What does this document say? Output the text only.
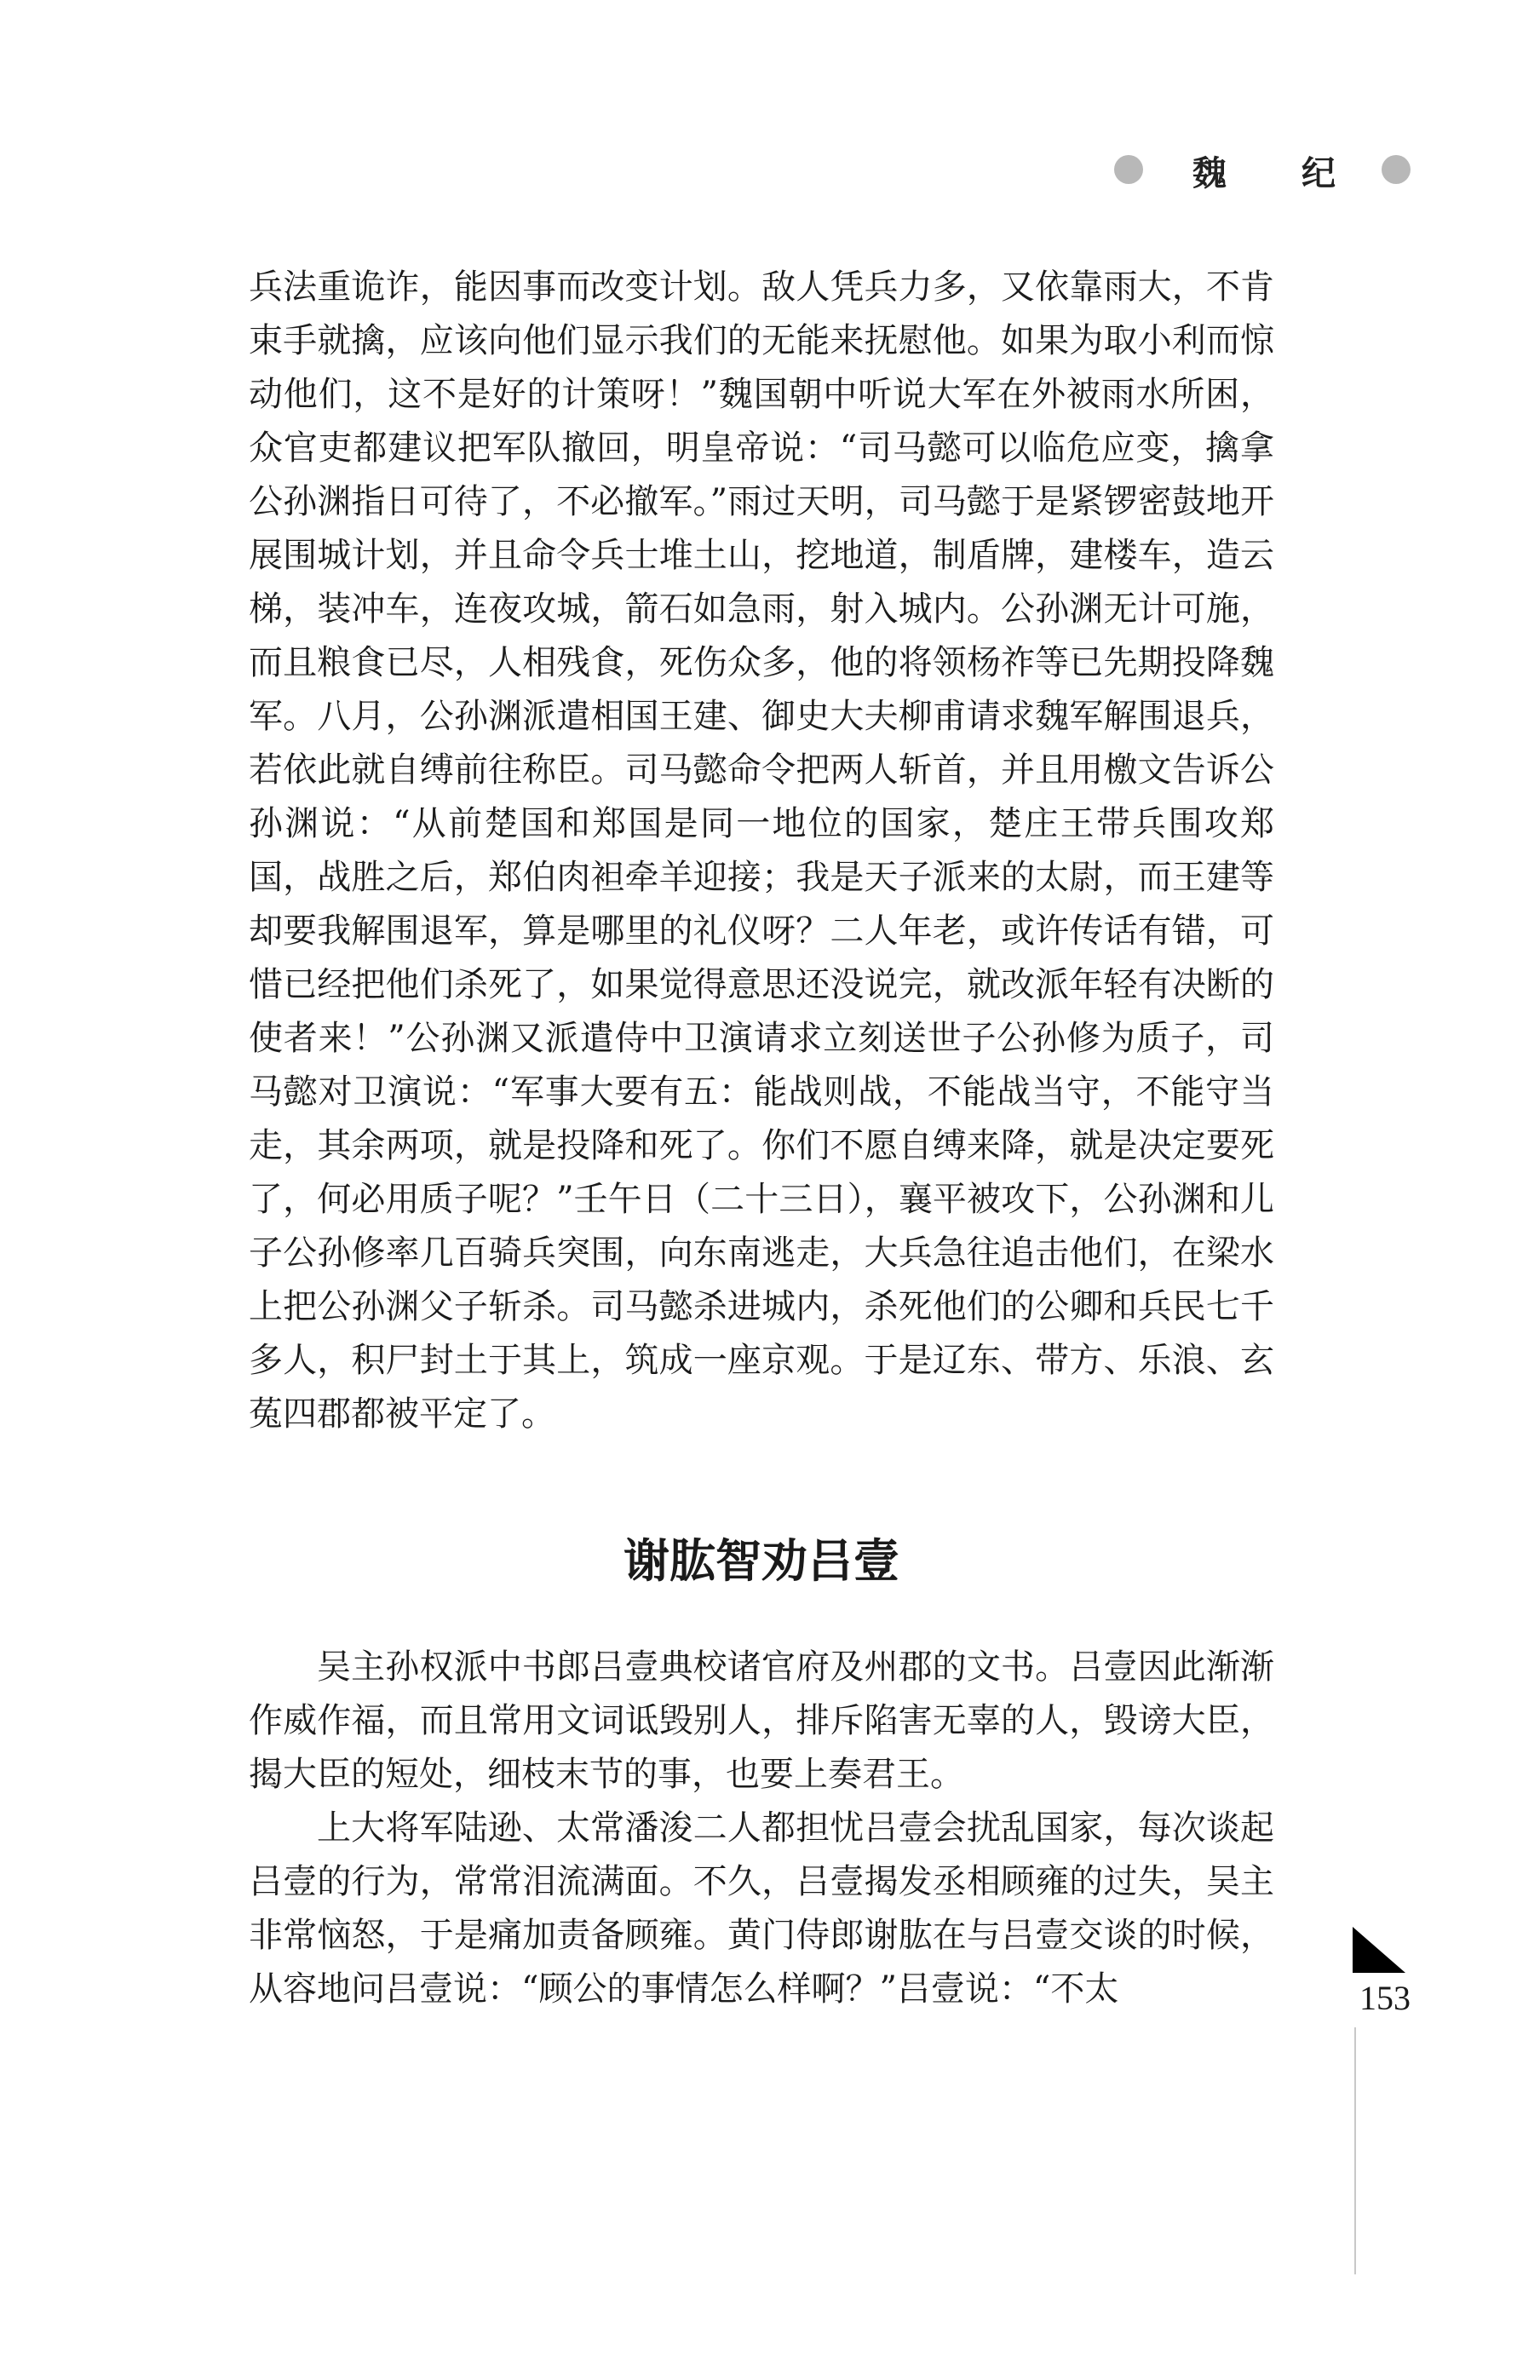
魏 纪

兵法重诡诈，能因事而改变计划。敌人凭兵力多，又依靠雨大，不肯束手就擒，应该向他们显示我们的无能来抚慰他。如果为取小利而惊动他们，这不是好的计策呀！”魏国朝中听说大军在外被雨水所困，众官吏都建议把军队撤回，明皇帝说：“司马懿可以临危应变，擒拿公孙渊指日可待了，不必撤军。”雨过天明，司马懿于是紧锣密鼓地开展围城计划，并且命令兵士堆土山，挖地道，制盾牌，建楼车，造云梯，装冲车，连夜攻城，箭石如急雨，射入城内。公孙渊无计可施，而且粮食已尽，人相残食，死伤众多，他的将领杨祚等已先期投降魏军。八月，公孙渊派遣相国王建、御史大夫柳甫请求魏军解围退兵，若依此就自缚前往称臣。司马懿命令把两人斩首，并且用檄文告诉公孙渊说：“从前楚国和郑国是同一地位的国家，楚庄王带兵围攻郑国，战胜之后，郑伯肉袒牵羊迎接；我是天子派来的太尉，而王建等却要我解围退军，算是哪里的礼仪呀？二人年老，或许传话有错，可惜已经把他们杀死了，如果觉得意思还没说完，就改派年轻有决断的使者来！”公孙渊又派遣侍中卫演请求立刻送世子公孙修为质子，司马懿对卫演说：“军事大要有五：能战则战，不能战当守，不能守当走，其余两项，就是投降和死了。你们不愿自缚来降，就是决定要死了，何必用质子呢？”壬午日（二十三日），襄平被攻下，公孙渊和儿子公孙修率几百骑兵突围，向东南逃走，大兵急往追击他们，在梁水上把公孙渊父子斩杀。司马懿杀进城内，杀死他们的公卿和兵民七千多人，积尸封土于其上，筑成一座京观。于是辽东、带方、乐浪、玄菟四郡都被平定了。

谢肱智劝吕壹

吴主孙权派中书郎吕壹典校诸官府及州郡的文书。吕壹因此渐渐作威作福，而且常用文词诋毁别人，排斥陷害无辜的人，毁谤大臣，揭大臣的短处，细枝末节的事，也要上奏君王。

上大将军陆逊、太常潘浚二人都担忧吕壹会扰乱国家，每次谈起吕壹的行为，常常泪流满面。不久，吕壹揭发丞相顾雍的过失，吴主非常恼怒，于是痛加责备顾雍。黄门侍郎谢肱在与吕壹交谈的时候，从容地问吕壹说：“顾公的事情怎么样啊？”吕壹说：“不太	153
